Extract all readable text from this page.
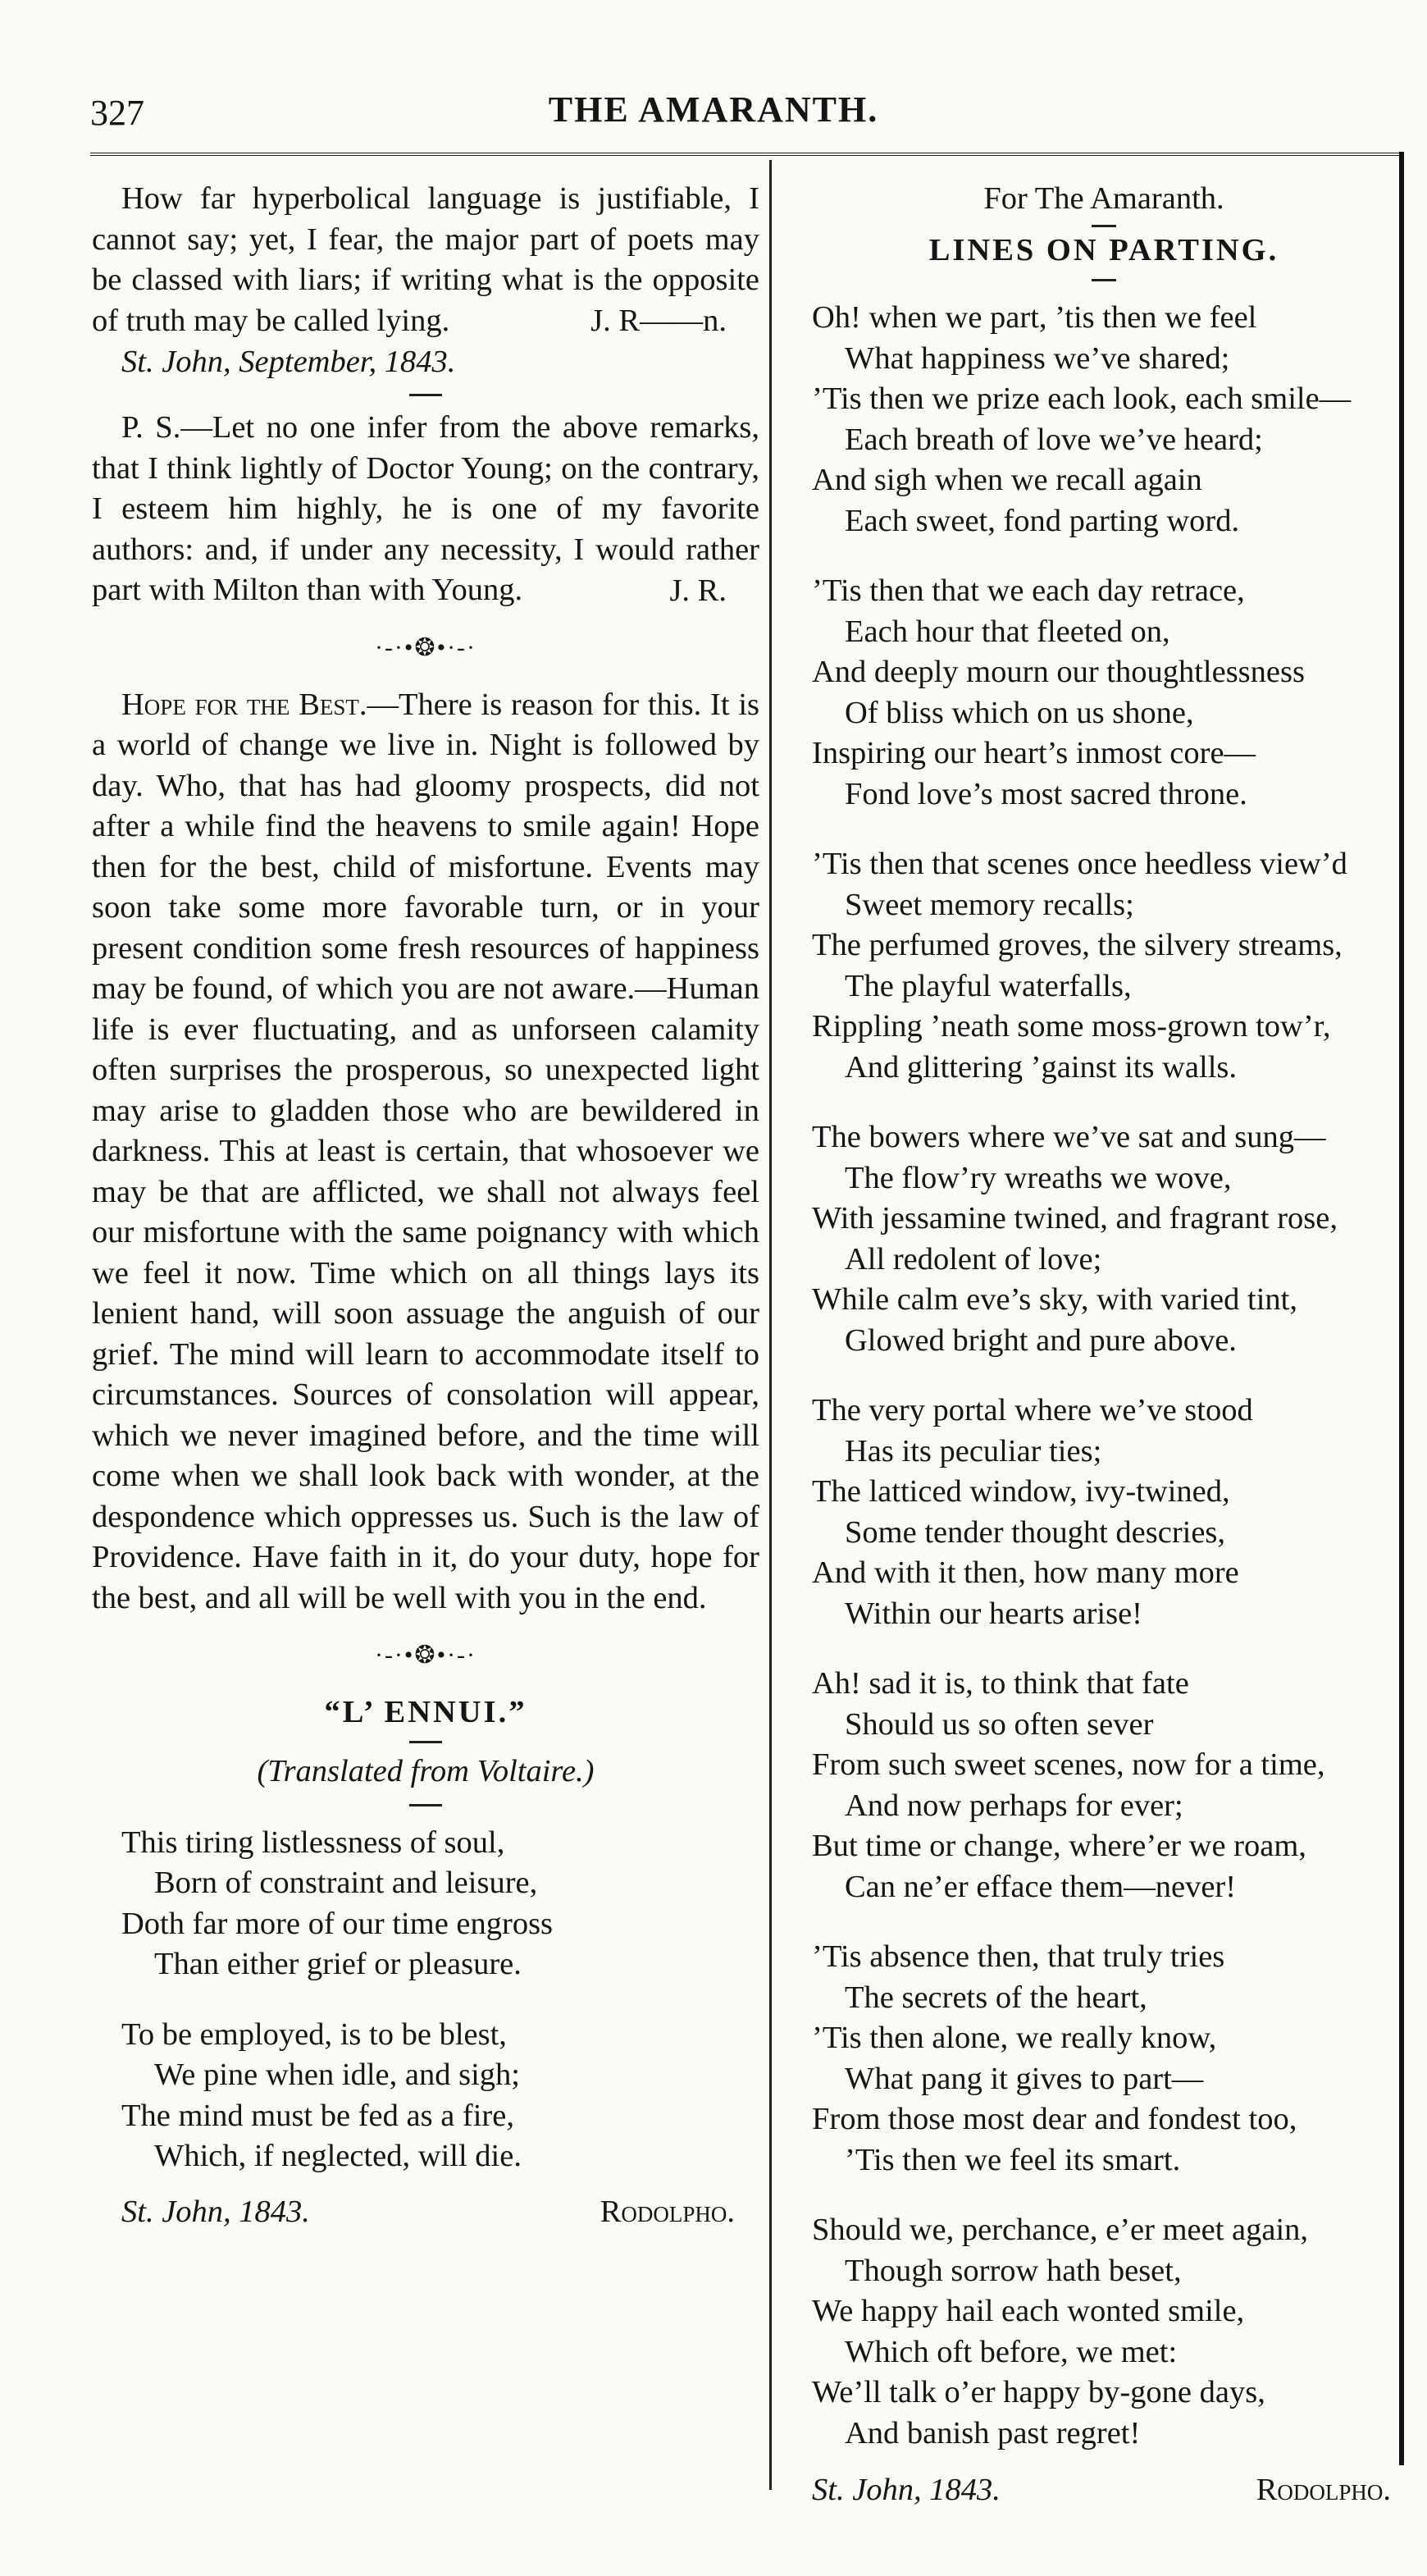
327	THE AMARANTH.

How far hyperbolical language is justifiable, I cannot say; yet, I fear, the major part of poets may be classed with liars; if writing what is the opposite of truth may be called lying.	J. R——n.
St. John, September, 1843.

P. S.—Let no one infer from the above remarks, that I think lightly of Doctor Young; on the contrary, I esteem him highly, he is one of my favorite authors: and, if under any necessity, I would rather part with Milton than with Young.	J. R.
·-·•❂•·-·

Hope for the Best.—There is reason for this. It is a world of change we live in. Night is followed by day. Who, that has had gloomy prospects, did not after a while find the heavens to smile again! Hope then for the best, child of misfortune. Events may soon take some more favorable turn, or in your present condition some fresh resources of happiness may be found, of which you are not aware.—Human life is ever fluctuating, and as unforseen calamity often surprises the prosperous, so unexpected light may arise to gladden those who are bewildered in darkness. This at least is certain, that whosoever we may be that are afflicted, we shall not always feel our misfortune with the same poignancy with which we feel it now. Time which on all things lays its lenient hand, will soon assuage the anguish of our grief. The mind will learn to accommodate itself to circumstances. Sources of consolation will appear, which we never imagined before, and the time will come when we shall look back with wonder, at the despondence which oppresses us. Such is the law of Providence. Have faith in it, do your duty, hope for the best, and all will be well with you in the end.

·-·•❂•·-·
“L’ ENNUI.”
(Translated from Voltaire.)
This tiring listlessness of soul,
Born of constraint and leisure,
Doth far more of our time engross
Than either grief or pleasure.
To be employed, is to be blest,
We pine when idle, and sigh;
The mind must be fed as a fire,
Which, if neglected, will die.
St. John, 1843.	Rodolpho.
For The Amaranth.
LINES ON PARTING.
Oh! when we part, ’tis then we feel
What happiness we’ve shared;
’Tis then we prize each look, each smile—
Each breath of love we’ve heard;
And sigh when we recall again
Each sweet, fond parting word.
’Tis then that we each day retrace,
Each hour that fleeted on,
And deeply mourn our thoughtlessness
Of bliss which on us shone,
Inspiring our heart’s inmost core—
Fond love’s most sacred throne.
’Tis then that scenes once heedless view’d
Sweet memory recalls;
The perfumed groves, the silvery streams,
The playful waterfalls,
Rippling ’neath some moss-grown tow’r,
And glittering ’gainst its walls.
The bowers where we’ve sat and sung—
The flow’ry wreaths we wove,
With jessamine twined, and fragrant rose,
All redolent of love;
While calm eve’s sky, with varied tint,
Glowed bright and pure above.
The very portal where we’ve stood
Has its peculiar ties;
The latticed window, ivy-twined,
Some tender thought descries,
And with it then, how many more
Within our hearts arise!
Ah! sad it is, to think that fate
Should us so often sever
From such sweet scenes, now for a time,
And now perhaps for ever;
But time or change, where’er we roam,
Can ne’er efface them—never!
’Tis absence then, that truly tries
The secrets of the heart,
’Tis then alone, we really know,
What pang it gives to part—
From those most dear and fondest too,
’Tis then we feel its smart.
Should we, perchance, e’er meet again,
Though sorrow hath beset,
We happy hail each wonted smile,
Which oft before, we met:
We’ll talk o’er happy by-gone days,
And banish past regret!
St. John, 1843.	Rodolpho.
